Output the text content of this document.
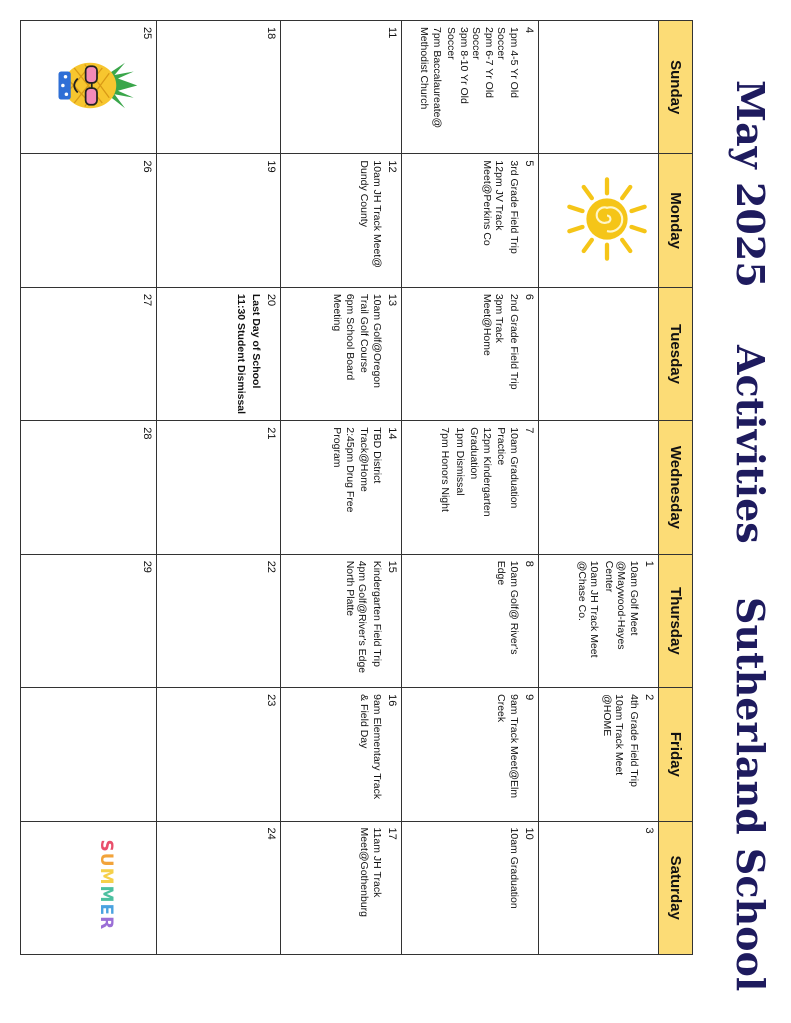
May 2025
Activities
Sutherland School
Sunday
Monday
Tuesday
Wednesday
Thursday
Friday
Saturday
1
10am Golf Meet
@Maywood-Hayes
Center
10am JH Track Meet
@Chase Co.
2
4th Grade Field Trip
10am Track Meet
@HOME
3
4
1pm 4-5 Yr Old
Soccer
2pm 6-7 Yr Old
Soccer
3pm 8-10 Yr Old
Soccer
7pm Baccalaureate@
Methodist Church
5
3rd Grade Field Trip
12pm JV Track
Meet@Perkins Co
6
2nd Grade Field Trip
3pm Track
Meet@Home
7
10am Graduation Practice
12pm Kindergarten
Graduation
1pm Dismissal
7pm Honors Night
8
10am Golf@ River's
Edge
9
9am Track Meet@Elm
Creek
10
10am Graduation
11
12
10am JH Track Meet@
Dundy County
13
10am Golf@Oregon
Trail Golf Course
6pm School Board
Meeting
14
TBD District Track@Home
2:45pm Drug Free Program
15
Kindergarten Field Trip
4pm Golf@River's Edge
North Platte
16
9am Elementary Track
& Field Day
17
11am JH Track
Meet@Gothenburg
18
19
20
Last Day of School
11:30 Student Dismissal
21
22
23
24
25
26
27
28
29
SUMMER
